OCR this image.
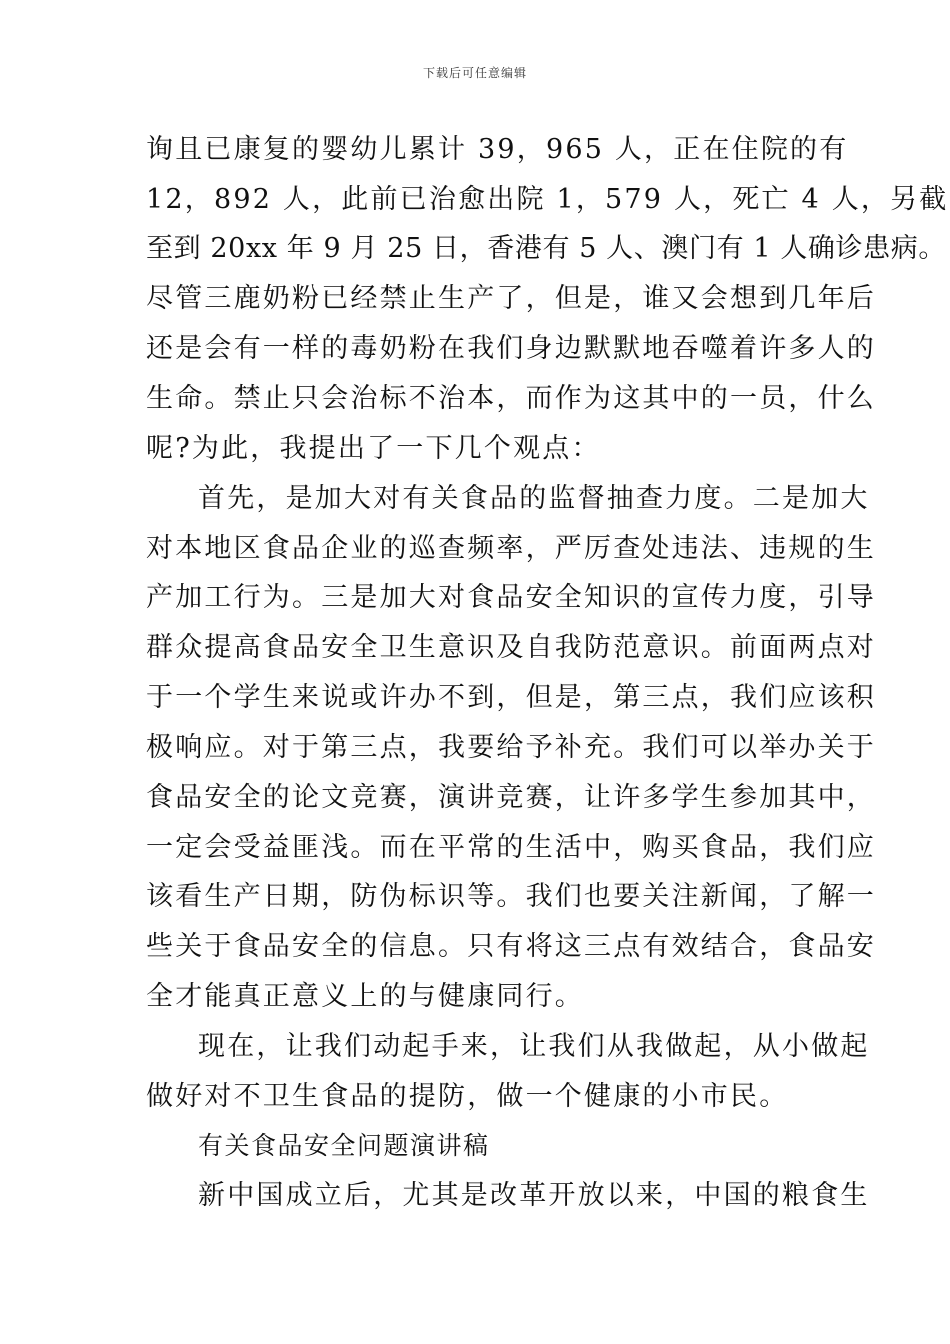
下载后可任意编辑
询且已康复的婴幼儿累计 39，965 人，正在住院的有
12，892 人，此前已治愈出院 1，579 人，死亡 4 人，另截
至到 20xx 年 9 月 25 日，香港有 5 人、澳门有 1 人确诊患病。
尽管三鹿奶粉已经禁止生产了，但是，谁又会想到几年后
还是会有一样的毒奶粉在我们身边默默地吞噬着许多人的
生命。禁止只会治标不治本，而作为这其中的一员，什么
呢?为此，我提出了一下几个观点：
首先，是加大对有关食品的监督抽查力度。二是加大
对本地区食品企业的巡查频率，严厉查处违法、违规的生
产加工行为。三是加大对食品安全知识的宣传力度，引导
群众提高食品安全卫生意识及自我防范意识。前面两点对
于一个学生来说或许办不到，但是，第三点，我们应该积
极响应。对于第三点，我要给予补充。我们可以举办关于
食品安全的论文竞赛，演讲竞赛，让许多学生参加其中，
一定会受益匪浅。而在平常的生活中，购买食品，我们应
该看生产日期，防伪标识等。我们也要关注新闻，了解一
些关于食品安全的信息。只有将这三点有效结合，食品安
全才能真正意义上的与健康同行。
现在，让我们动起手来，让我们从我做起，从小做起
做好对不卫生食品的提防，做一个健康的小市民。
有关食品安全问题演讲稿
新中国成立后，尤其是改革开放以来，中国的粮食生
